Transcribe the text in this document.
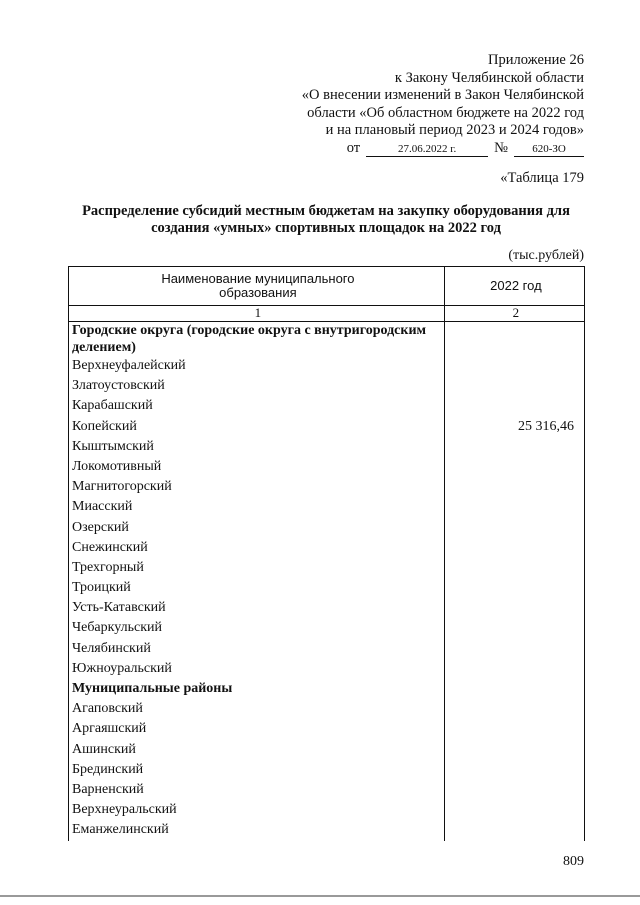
Приложение 26
к Закону Челябинской области
«О внесении изменений в Закон Челябинской
области «Об областном бюджете на 2022 год
и на плановый период 2023 и 2024 годов»
от	27.06.2022 г.	№	620-ЗО
«Таблица 179
Распределение субсидий местным бюджетам на закупку оборудования для
создания «умных» спортивных площадок на 2022 год
(тыс.рублей)
Наименование муниципального
образования	2022 год
1	2
Городские округа (городские округа с внутригородским делением)	
Верхнеуфалейский	
Златоустовский	
Карабашский	
Копейский	25 316,46
Кыштымский	
Локомотивный	
Магнитогорский	
Миасский	
Озерский	
Снежинский	
Трехгорный	
Троицкий	
Усть-Катавский	
Чебаркульский	
Челябинский	
Южноуральский	
Муниципальные районы	
Агаповский	
Аргаяшский	
Ашинский	
Брединский	
Варненский	
Верхнеуральский	
Еманжелинский	
809
